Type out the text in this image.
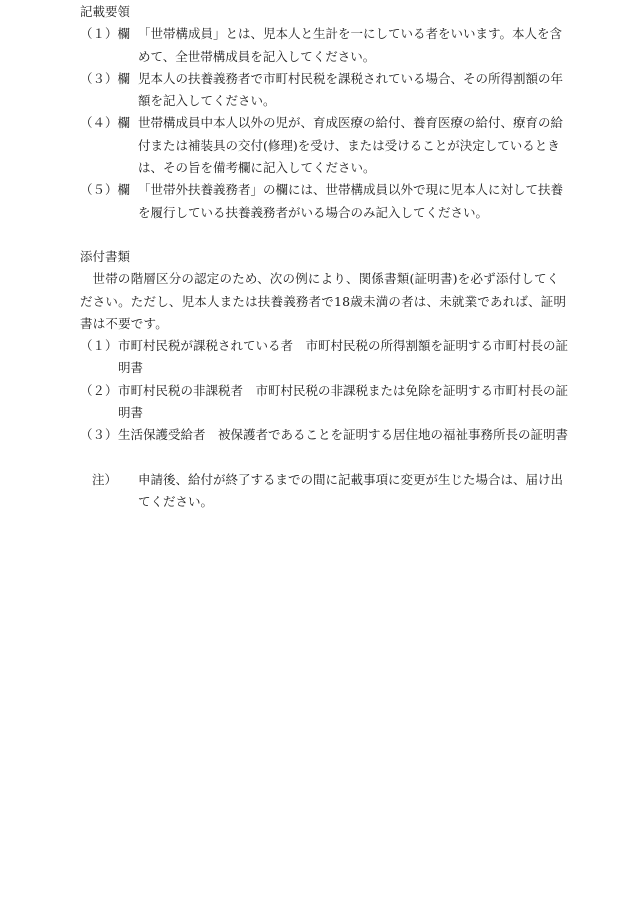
記載要領
（１）欄 「世帯構成員」とは、児本人と生計を一にしている者をいいます。本人を含めて、全世帯構成員を記入してください。
（３）欄 児本人の扶養義務者で市町村民税を課税されている場合、その所得割額の年額を記入してください。
（４）欄 世帯構成員中本人以外の児が、育成医療の給付、養育医療の給付、療育の給付または補装具の交付(修理)を受け、または受けることが決定しているときは、その旨を備考欄に記入してください。
（５）欄 「世帯外扶養義務者」の欄には、世帯構成員以外で現に児本人に対して扶養を履行している扶養義務者がいる場合のみ記入してください。
添付書類
世帯の階層区分の認定のため、次の例により、関係書類(証明書)を必ず添付してください。ただし、児本人または扶養義務者で18歳未満の者は、未就業であれば、証明書は不要です。
（１） 市町村民税が課税されている者　市町村民税の所得割額を証明する市町村長の証明書
（２） 市町村民税の非課税者　市町村民税の非課税または免除を証明する市町村長の証明書
（３） 生活保護受給者　被保護者であることを証明する居住地の福祉事務所長の証明書
注） 申請後、給付が終了するまでの間に記載事項に変更が生じた場合は、届け出てください。
